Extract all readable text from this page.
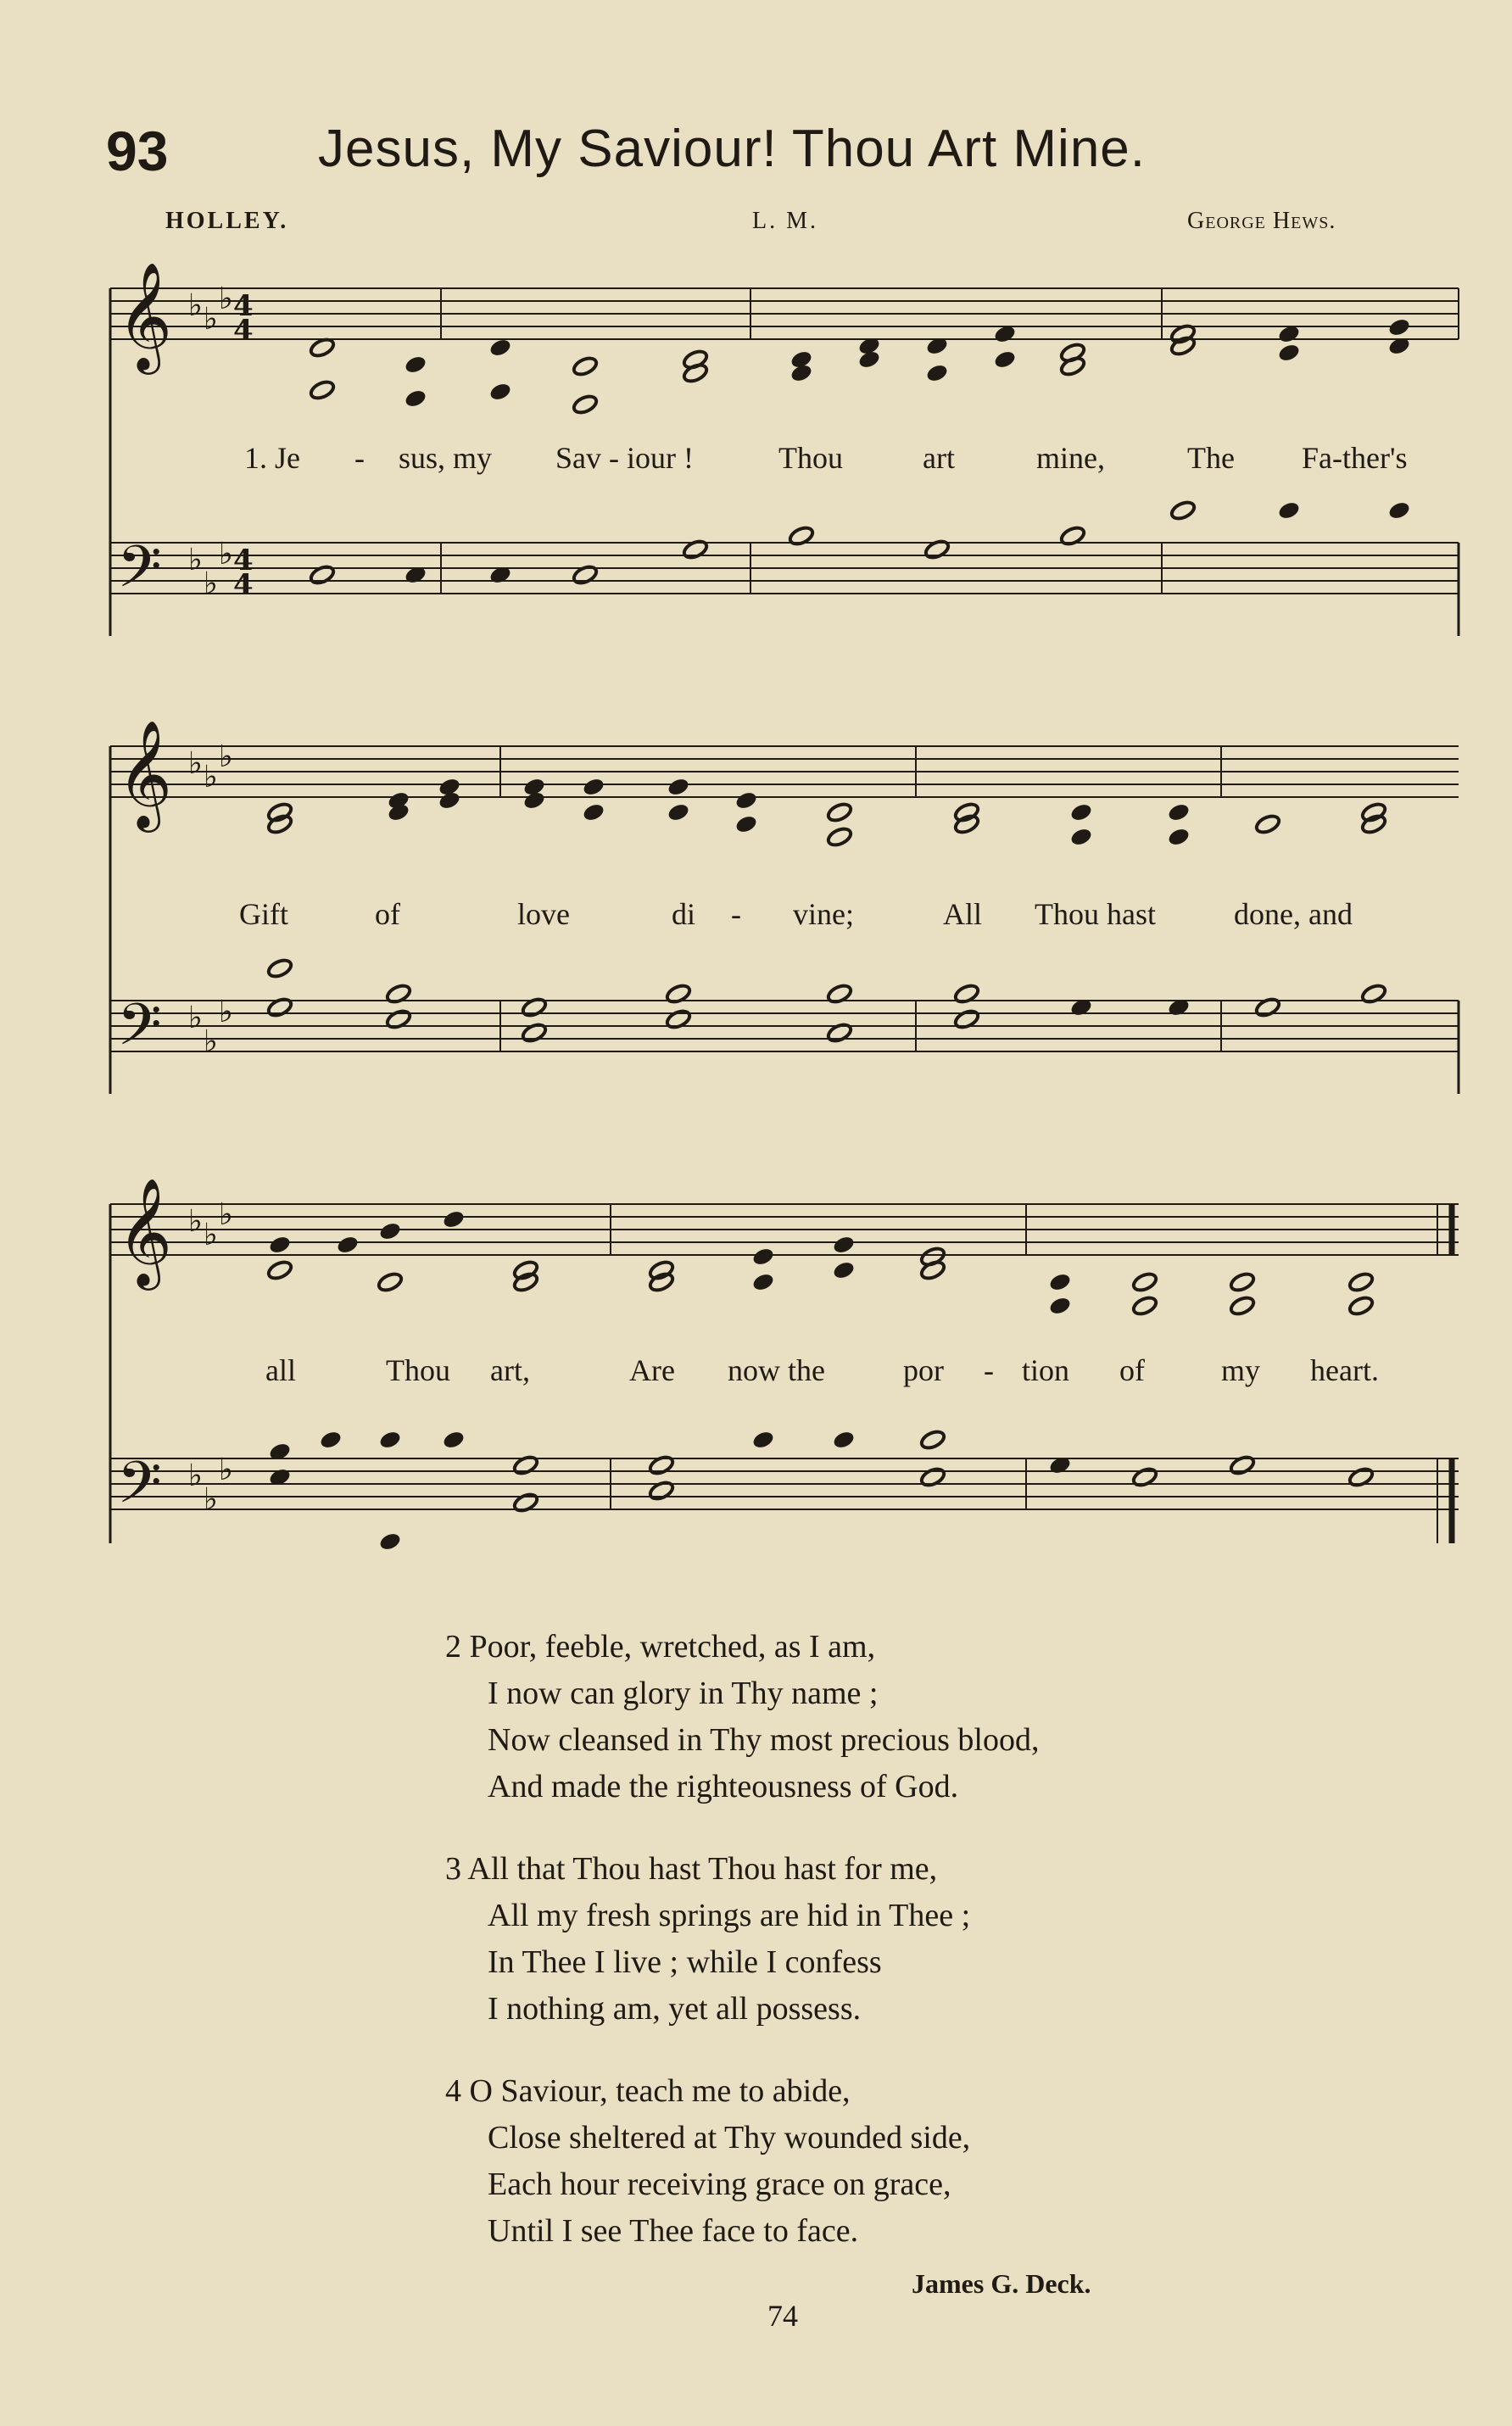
93	Jesus, My Saviour! Thou Art Mine.
HOLLEY.	L. M.	George Hews.
𝄞 ♭ ♭
♭ 4
4
𝄢 ♭
♭
♭ 4
4
1. Je - sus, my Sav - iour !	Thou	art	mine,	The Fa-ther's
𝄞 ♭ ♭
♭
𝄢 ♭
♭
♭
Gift	of	love	di - vine;	All Thou hast	done, and
𝄞 ♭ ♭
♭
𝄢 ♭
♭
♭
all	Thou art,	Are now the	por - tion of	my heart.
2 Poor, feeble, wretched, as I am,
I now can glory in Thy name ;
Now cleansed in Thy most precious blood,
And made the righteousness of God.
3 All that Thou hast Thou hast for me,
All my fresh springs are hid in Thee ;
In Thee I live ; while I confess
I nothing am, yet all possess.
4 O Saviour, teach me to abide,
Close sheltered at Thy wounded side,
Each hour receiving grace on grace,
Until I see Thee face to face.
James G. Deck.
74
